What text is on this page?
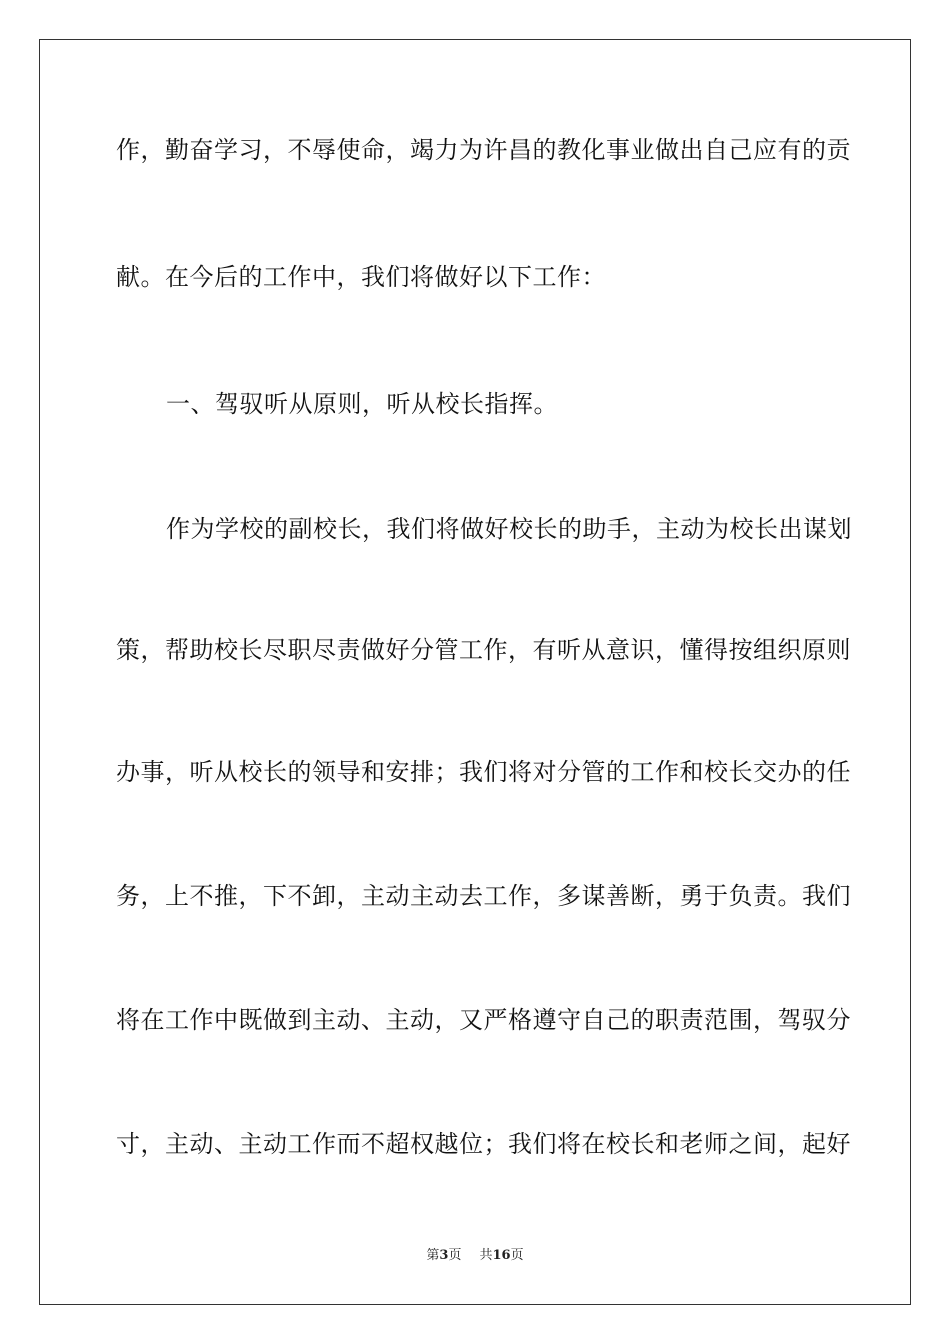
作，勤奋学习，不辱使命，竭力为许昌的教化事业做出自己应有的贡
献。在今后的工作中，我们将做好以下工作：
一、驾驭听从原则，听从校长指挥。
作为学校的副校长，我们将做好校长的助手，主动为校长出谋划
策，帮助校长尽职尽责做好分管工作，有听从意识，懂得按组织原则
办事，听从校长的领导和安排；我们将对分管的工作和校长交办的任
务，上不推，下不卸，主动主动去工作，多谋善断，勇于负责。我们
将在工作中既做到主动、主动，又严格遵守自己的职责范围，驾驭分
寸，主动、主动工作而不超权越位；我们将在校长和老师之间，起好
第3页 共16页
